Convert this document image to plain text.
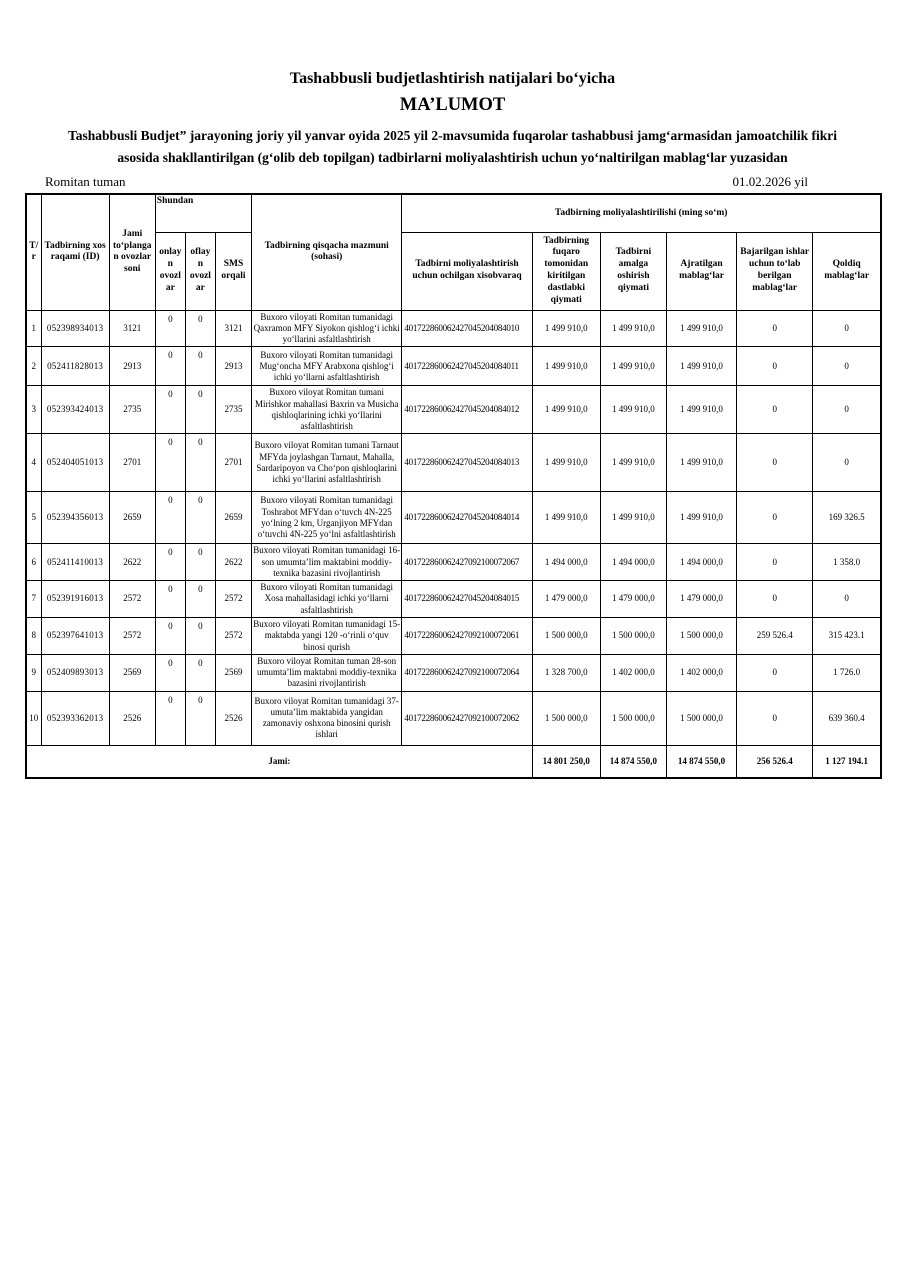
Tashabbusli budjetlashtirish natijalari bo‘yicha
MA’LUMOT
Tashabbusli Budjet” jarayoning joriy yil yanvar oyida 2025 yil 2-mavsumida fuqarolar tashabbusi jamg‘armasidan jamoatchilik fikri asosida shakllantirilgan (g‘olib deb topilgan) tadbirlarni moliyalashtirish uchun yo‘naltirilgan mablag‘lar yuzasidan
Romitan tuman	01.02.2026 yil
T/r	Tadbirning xos raqami (ID)	Jami to‘plangan ovozlar soni	Shundan			Tadbirning qisqacha mazmuni (sohasi)	Tadbirning moliyalashtirilishi (ming so‘m)					
			onlayn ovozlar	oflayn ovozlar	SMS orqali		Tadbirni moliyalashtirish uchun ochilgan xisobvaraq	Tadbirning fuqaro tomonidan kiritilgan dastlabki qiymati	Tadbirni amalga oshirish qiymati	Ajratilgan mablag‘lar	Bajarilgan ishlar uchun to‘lab berilgan mablag‘lar	Qoldiq mablag‘lar
1	052398934013	3121	0	0	3121	Buxoro viloyati Romitan tumanidagi Qaxramon MFY Siyokon qishlog‘i ichki yo‘llarini asfaltlashtirish	401722860062427045204084010	1 499 910,0	1 499 910,0	1 499 910,0	0	0
2	052411828013	2913	0	0	2913	Buxoro viloyati Romitan tumanidagi Mug‘oncha MFY Arabxona qishlog‘i ichki yo‘llarni asfaltlashtirish	401722860062427045204084011	1 499 910,0	1 499 910,0	1 499 910,0	0	0
3	052393424013	2735	0	0	2735	Buxoro viloyat Romitan tumani Mirishkor mahallasi Baxrin va Musicha qishloqlarining ichki yo‘llarini asfaltlashtirish	401722860062427045204084012	1 499 910,0	1 499 910,0	1 499 910,0	0	0
4	052404051013	2701	0	0	2701	Buxoro viloyat Romitan tumani Tarnaut MFYda joylashgan Tarnaut, Mahalla, Sardaripoyon va Cho‘pon qishloqlarini ichki yo‘llarini asfaltlashtirish	401722860062427045204084013	1 499 910,0	1 499 910,0	1 499 910,0	0	0
5	052394356013	2659	0	0	2659	Buxoro viloyati Romitan tumanidagi Toshrabot MFYdan o‘tuvch 4N-225 yo‘lning 2 km, Urganjiyon MFYdan o‘tuvchi 4N-225 yo‘lni asfaltlashtirish	401722860062427045204084014	1 499 910,0	1 499 910,0	1 499 910,0	0	169 326.5
6	052411410013	2622	0	0	2622	Buxoro viloyati Romitan tumanidagi 16-son umumta’lim maktabini moddiy-texnika bazasini rivojlantirish	401722860062427092100072067	1 494 000,0	1 494 000,0	1 494 000,0	0	1 358.0
7	052391916013	2572	0	0	2572	Buxoro viloyati Romitan tumanidagi Xosa mahallasidagi ichki yo‘llarni asfaltlashtirish	401722860062427045204084015	1 479 000,0	1 479 000,0	1 479 000,0	0	0
8	052397641013	2572	0	0	2572	Buxoro viloyati Romitan tumanidagi 15-maktabda yangi 120 -o‘rinli o‘quv binosi qurish	401722860062427092100072061	1 500 000,0	1 500 000,0	1 500 000,0	259 526.4	315 423.1
9	052409893013	2569	0	0	2569	Buxoro viloyat Romitan tuman 28-son umumta’lim maktabni moddiy-texnika bazasini rivojlantirish	401722860062427092100072064	1 328 700,0	1 402 000,0	1 402 000,0	0	1 726.0
10	052393362013	2526	0	0	2526	Buxoro viloyat Romitan tumanidagi 37-umuta’lim maktabida yangidan zamonaviy oshxona binosini qurish ishlari	401722860062427092100072062	1 500 000,0	1 500 000,0	1 500 000,0	0	639 360.4
Jami:								14 801 250,0	14 874 550,0	14 874 550,0	256 526.4	1 127 194.1
